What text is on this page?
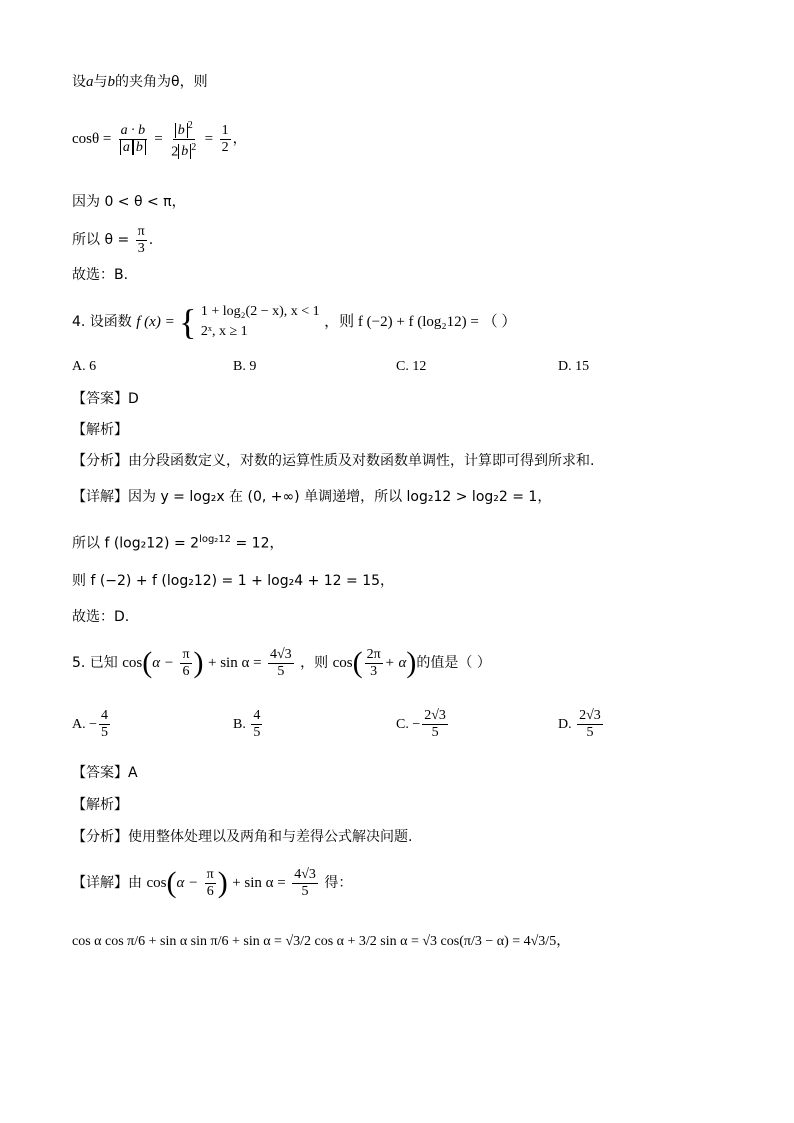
设a与b的夹角为θ，则
$\cos\theta = \frac{a \cdot b}{\text{a b}} = \frac{b ^2}{2 b ^2} = \frac{1}{2}$ ，
因为 0 < θ < π，
所以 $\theta = \frac{\pi}{3}$ .
故选：B.
4. 设函数 f (x) = { 1 + log₂(2 − x), x < 1
2ˣ, x ≥ 1
，则 f (−2) + f (log₂12) = （ ）
A. 6	B. 9	C. 12	D. 15
【答案】D
【解析】
【分析】由分段函数定义，对数的运算性质及对数函数单调性，计算即可得到所求和.
【详解】因为 y = log₂x 在 (0, +∞) 单调递增，所以 log₂12 > log₂2 = 1，
所以 f $(\log_212) = 2^{log_212} = 12$，
则 f (−2) + f (log₂12) = 1 + log₂4 + 12 = 15，
故选：D.
5. 已知 $\cos(\alpha - \frac{\pi}{6}$ ) + $\sin \alpha = \frac{4√3}{5}$ ，则 $\cos( \frac{2\pi}{3} + \alpha)$的值是（ ）
A. − $\frac{4}{5}$	B. $\frac{4}{5}$	C. − $\frac{2√3}{5}$	D. $\frac{2√3}{5}$
【答案】A
【解析】
【分析】使用整体处理以及两角和与差得公式解决问题.
【详解】由 $\cos(\alpha - \frac{\pi}{6}$ ) + $\sin \alpha = \frac{4√3}{5}$ 得：
cos α cos π/6 + sin α sin π/6 + sin α = √3/2 cos α + 3/2 sin α = √3 cos(π/3 − α) = 4√3/5，
